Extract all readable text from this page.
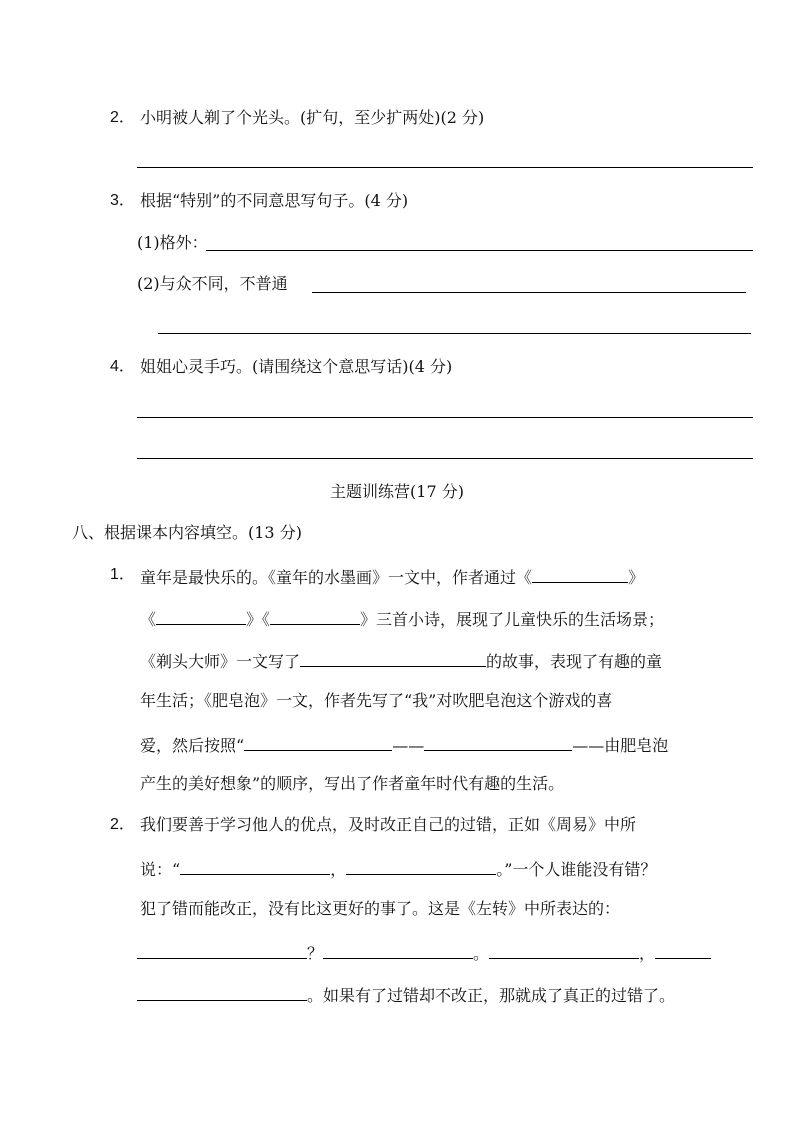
2． 小明被人剃了个光头。(扩句，至少扩两处)(2 分)
3． 根据“特别”的不同意思写句子。(4 分)
(1)格外：
(2)与众不同，不普通
4． 姐姐心灵手巧。(请围绕这个意思写话)(4 分)
主题训练营(17 分)
八、根据课本内容填空。(13 分)
1． 童年是最快乐的。《童年的水墨画》一文中，作者通过《	》
《	》《	》三首小诗，展现了儿童快乐的生活场景；
《剃头大师》一文写了	的故事，表现了有趣的童
年生活；《肥皂泡》一文，作者先写了“我”对吹肥皂泡这个游戏的喜
爱，然后按照“	——	——由肥皂泡
产生的美好想象”的顺序，写出了作者童年时代有趣的生活。
2． 我们要善于学习他人的优点，及时改正自己的过错，正如《周易》中所
说：“	，	。”一个人谁能没有错？
犯了错而能改正，没有比这更好的事了。这是《左转》中所表达的：
？	。	，
。如果有了过错却不改正，那就成了真正的过错了。
